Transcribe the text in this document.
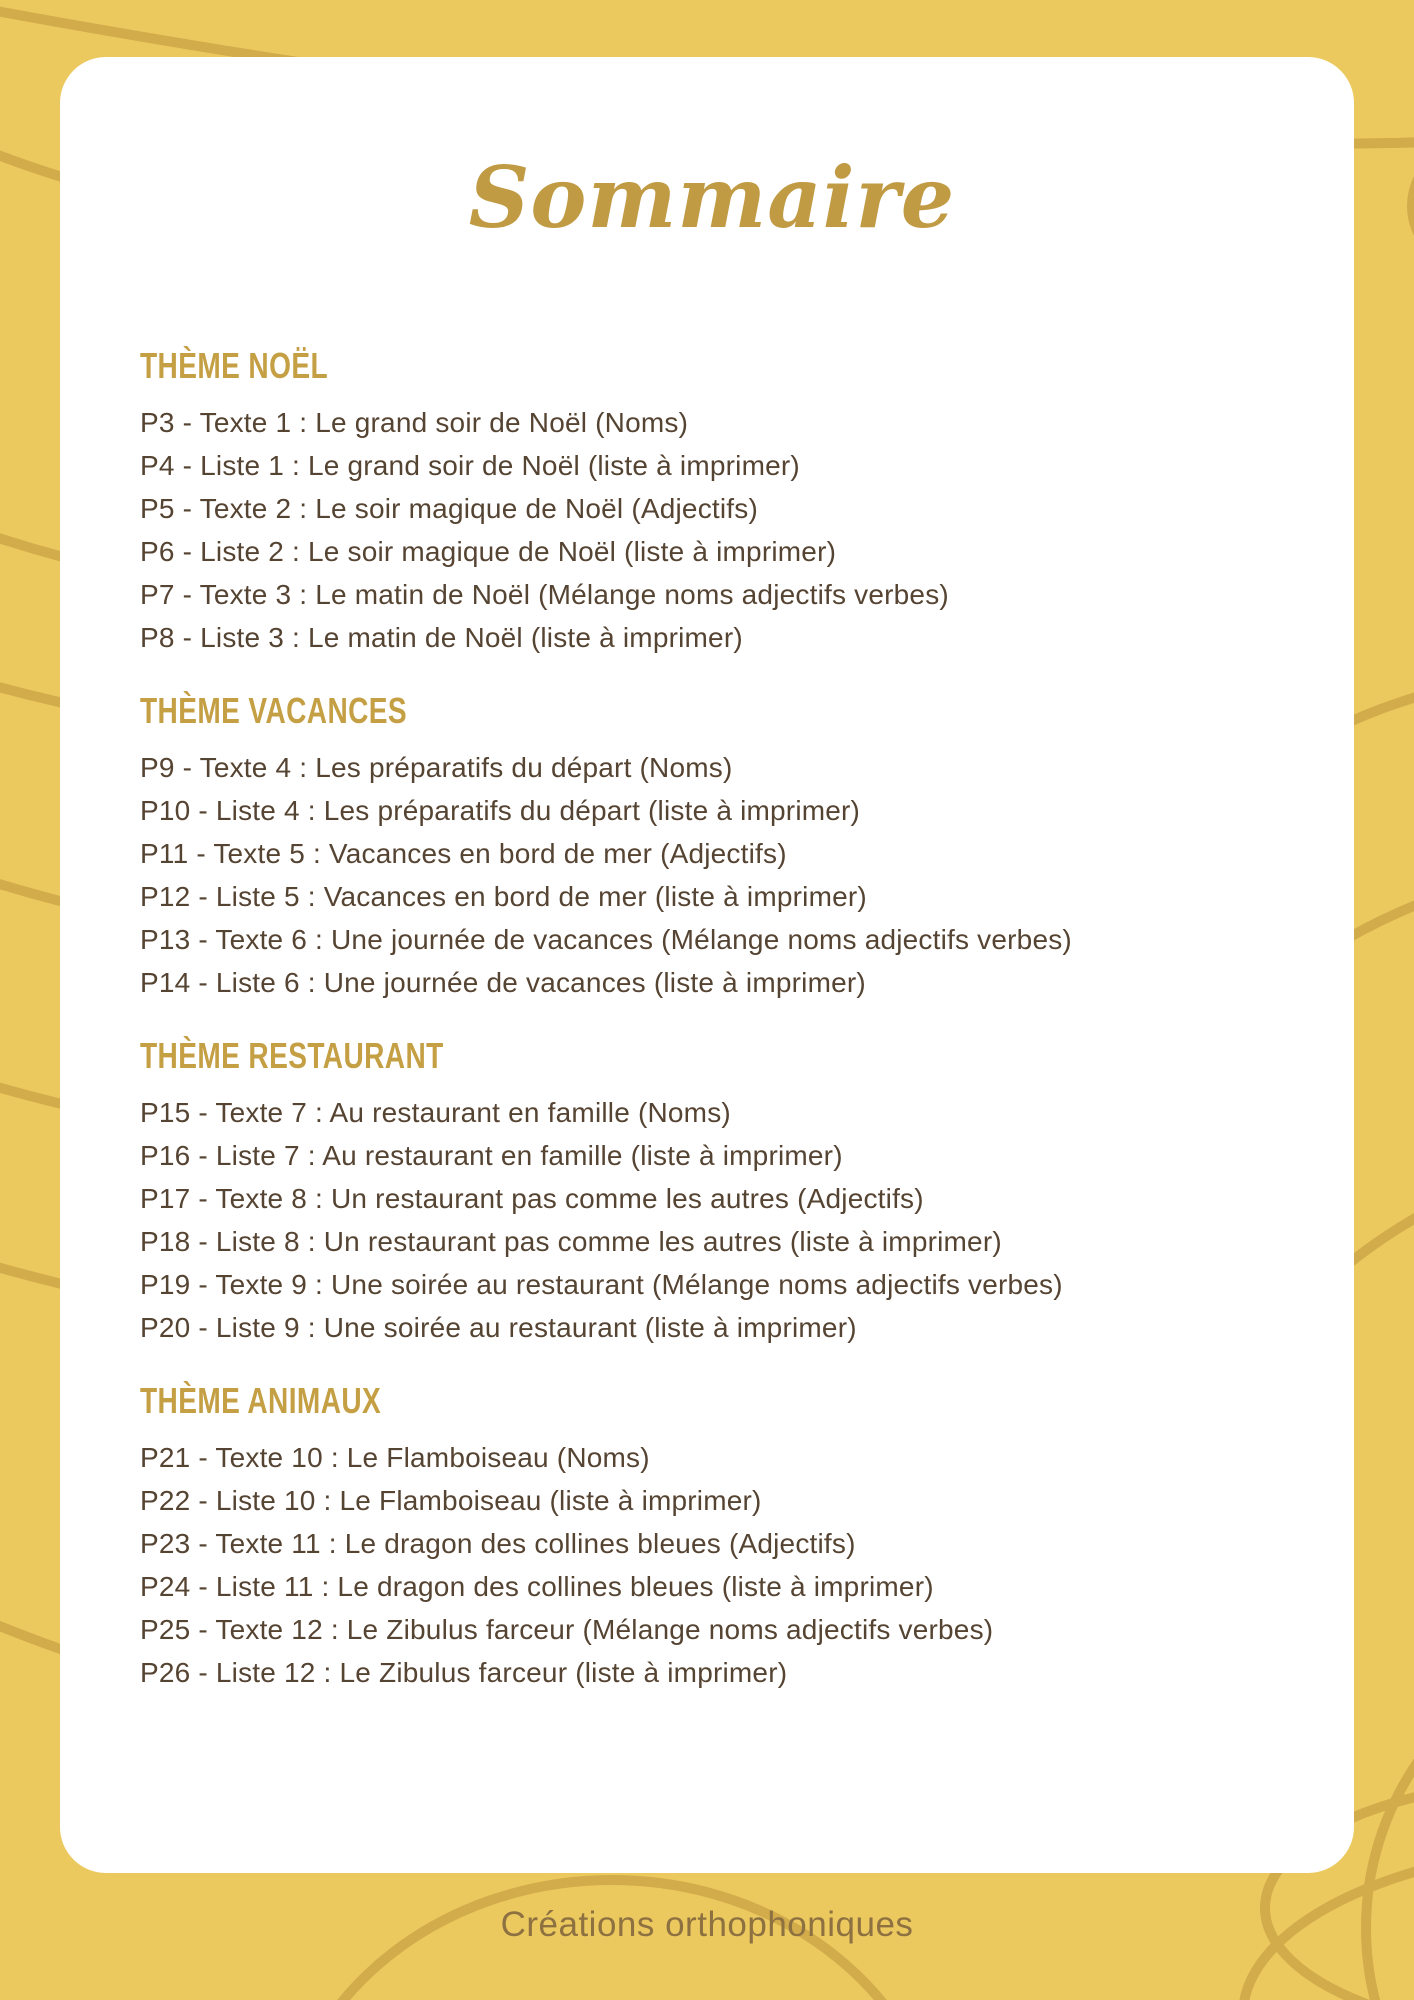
Sommaire
THÈME NOËL
P3 - Texte 1 : Le grand soir de Noël (Noms)
P4 - Liste 1 : Le grand soir de Noël (liste à imprimer)
P5 - Texte 2 : Le soir magique de Noël (Adjectifs)
P6 - Liste 2 : Le soir magique de Noël (liste à imprimer)
P7 - Texte 3 : Le matin de Noël (Mélange noms adjectifs verbes)
P8 - Liste 3 : Le matin de Noël (liste à imprimer)
THÈME VACANCES
P9 - Texte 4 : Les préparatifs du départ (Noms)
P10 - Liste 4 : Les préparatifs du départ (liste à imprimer)
P11 - Texte 5 : Vacances en bord de mer (Adjectifs)
P12 - Liste 5 : Vacances en bord de mer (liste à imprimer)
P13 - Texte 6 : Une journée de vacances (Mélange noms adjectifs verbes)
P14 - Liste 6 : Une journée de vacances (liste à imprimer)
THÈME RESTAURANT
P15 - Texte 7 : Au restaurant en famille (Noms)
P16 - Liste 7 : Au restaurant en famille (liste à imprimer)
P17 - Texte 8 : Un restaurant pas comme les autres (Adjectifs)
P18 - Liste 8 : Un restaurant pas comme les autres (liste à imprimer)
P19 - Texte 9 : Une soirée au restaurant (Mélange noms adjectifs verbes)
P20 - Liste 9 : Une soirée au restaurant (liste à imprimer)
THÈME ANIMAUX
P21 - Texte 10 : Le Flamboiseau (Noms)
P22 - Liste 10 : Le Flamboiseau (liste à imprimer)
P23 - Texte 11 : Le dragon des collines bleues (Adjectifs)
P24 - Liste 11 : Le dragon des collines bleues (liste à imprimer)
P25 - Texte 12 : Le Zibulus farceur (Mélange noms adjectifs verbes)
P26 - Liste 12 : Le Zibulus farceur (liste à imprimer)
Créations orthophoniques
